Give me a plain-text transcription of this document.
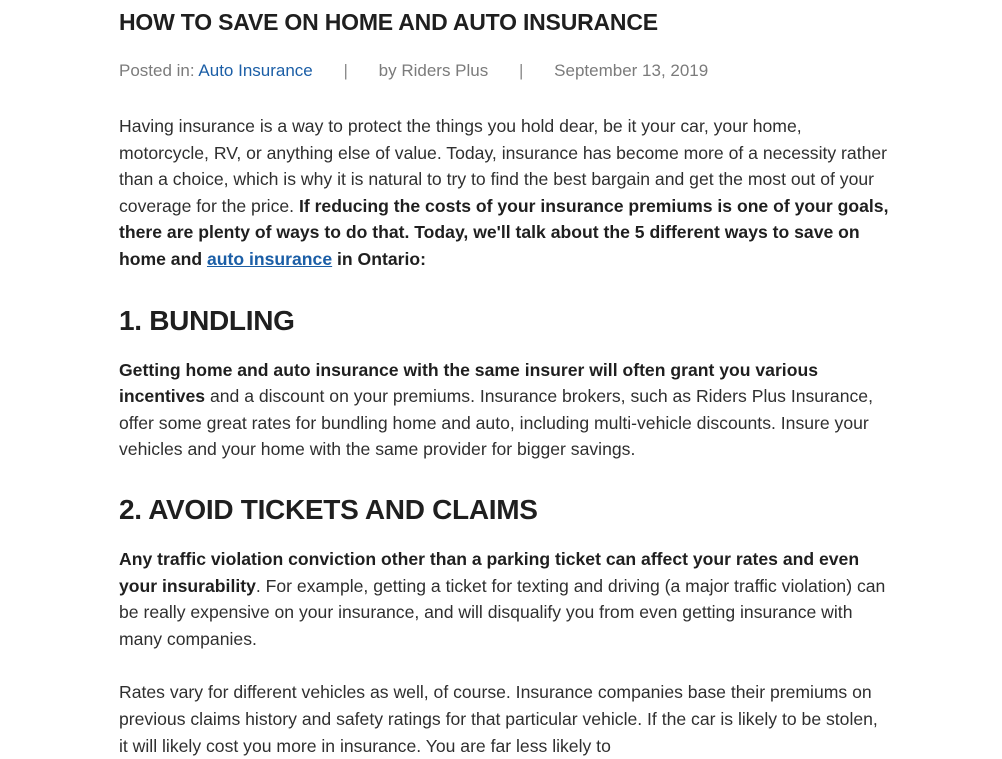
HOW TO SAVE ON HOME AND AUTO INSURANCE
Posted in: Auto Insurance | by Riders Plus | September 13, 2019

Having insurance is a way to protect the things you hold dear, be it your car, your home, motorcycle, RV, or anything else of value. Today, insurance has become more of a necessity rather than a choice, which is why it is natural to try to find the best bargain and get the most out of your coverage for the price. If reducing the costs of your insurance premiums is one of your goals, there are plenty of ways to do that. Today, we'll talk about the 5 different ways to save on home and auto insurance in Ontario:

1. BUNDLING

Getting home and auto insurance with the same insurer will often grant you various incentives and a discount on your premiums. Insurance brokers, such as Riders Plus Insurance, offer some great rates for bundling home and auto, including multi-vehicle discounts. Insure your vehicles and your home with the same provider for bigger savings.

2. AVOID TICKETS AND CLAIMS

Any traffic violation conviction other than a parking ticket can affect your rates and even your insurability. For example, getting a ticket for texting and driving (a major traffic violation) can be really expensive on your insurance, and will disqualify you from even getting insurance with many companies.

Rates vary for different vehicles as well, of course. Insurance companies base their premiums on previous claims history and safety ratings for that particular vehicle. If the car is likely to be stolen, it will likely cost you more in insurance. You are far less likely to
